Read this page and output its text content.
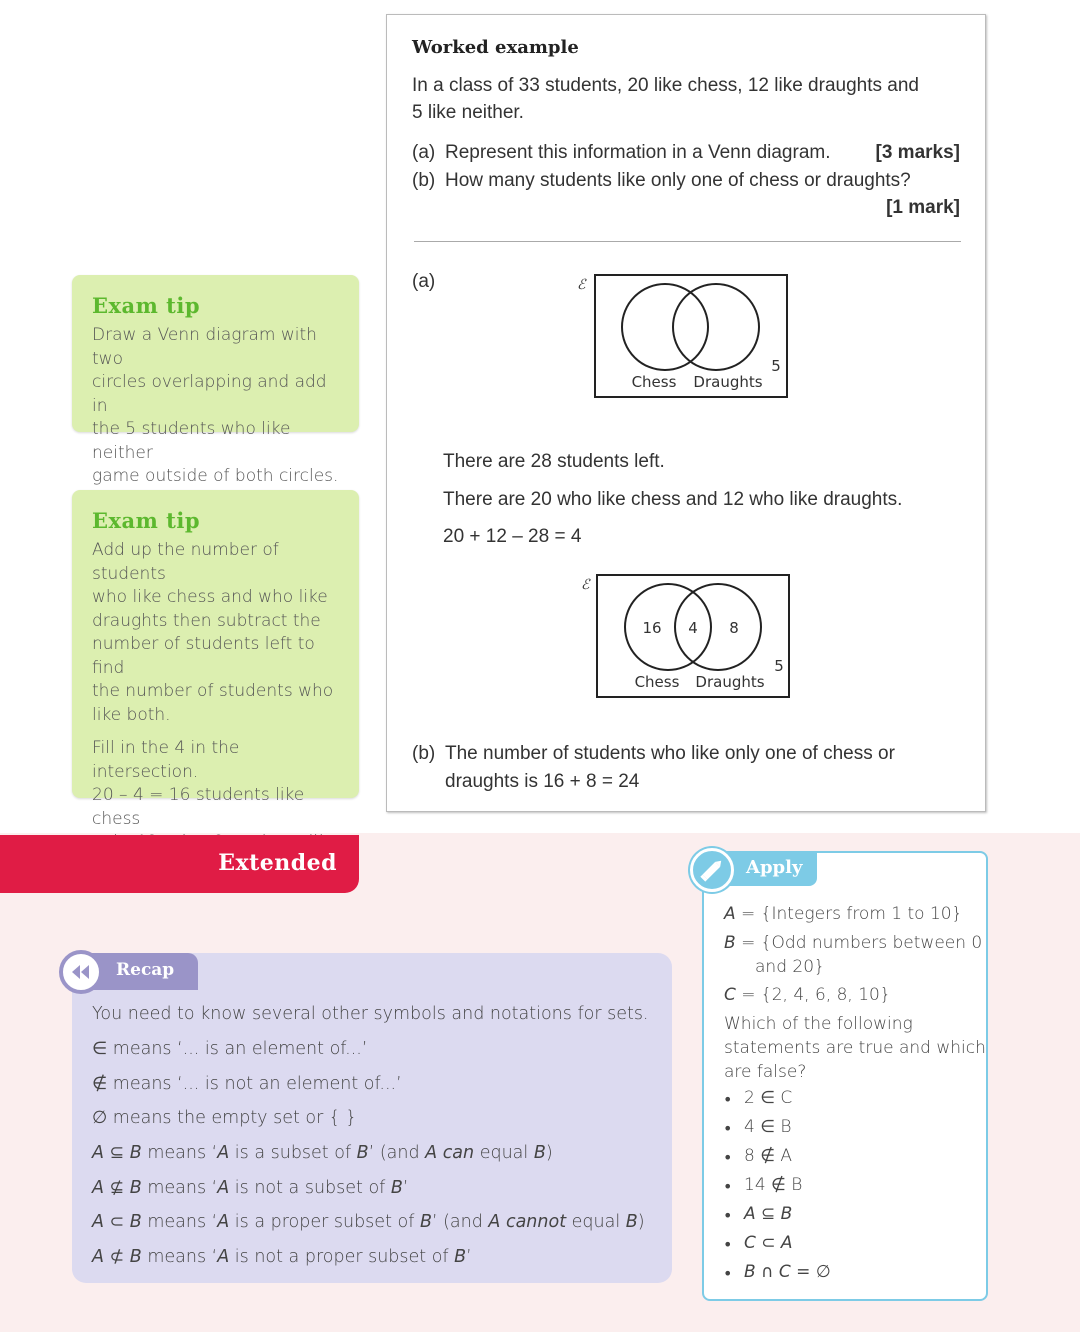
Worked example
In a class of 33 students, 20 like chess, 12 like draughts and
5 like neither.
(a) Represent this information in a Venn diagram. [3 marks]
(b) How many students like only one of chess or draughts?
[1 mark]
(a)	ℰ
Chess Draughts
5
There are 28 students left.
There are 20 who like chess and 12 who like draughts.
20 + 12 – 28 = 4
ℰ
16 4 8
Chess Draughts
5
(b) The number of students who like only one of chess or
draughts is 16 + 8 = 24
Exam tip
Draw a Venn diagram with two
circles overlapping and add in
the 5 students who like neither
game outside of both circles.
Exam tip

Add up the number of students
who like chess and who like
draughts then subtract the
number of students left to find
the number of students who
like both.

Fill in the 4 in the intersection.
20 – 4 = 16 students like chess

Extended
Recap
You need to know several other symbols and notations for sets.
∈ means ‘... is an element of...’
∉ means ‘... is not an element of...’
∅ means the empty set or { }
A ⊆ B means ‘A is a subset of B’ (and A can equal B)
A ⊈ B means ‘A is not a subset of B’
A ⊂ B means ‘A is a proper subset of B’ (and A cannot equal B)
A ⊄ B means ‘A is not a proper subset of B’
Apply
A = {Integers from 1 to 10}
B = {Odd numbers between 0
and 20}
C = {2, 4, 6, 8, 10}
Which of the following
statements are true and which
are false?
• 2 ∈ C
• 4 ∈ B
• 8 ∉ A
• 14 ∉ B
• A ⊆ B
• C ⊂ A
• B ∩ C = ∅
